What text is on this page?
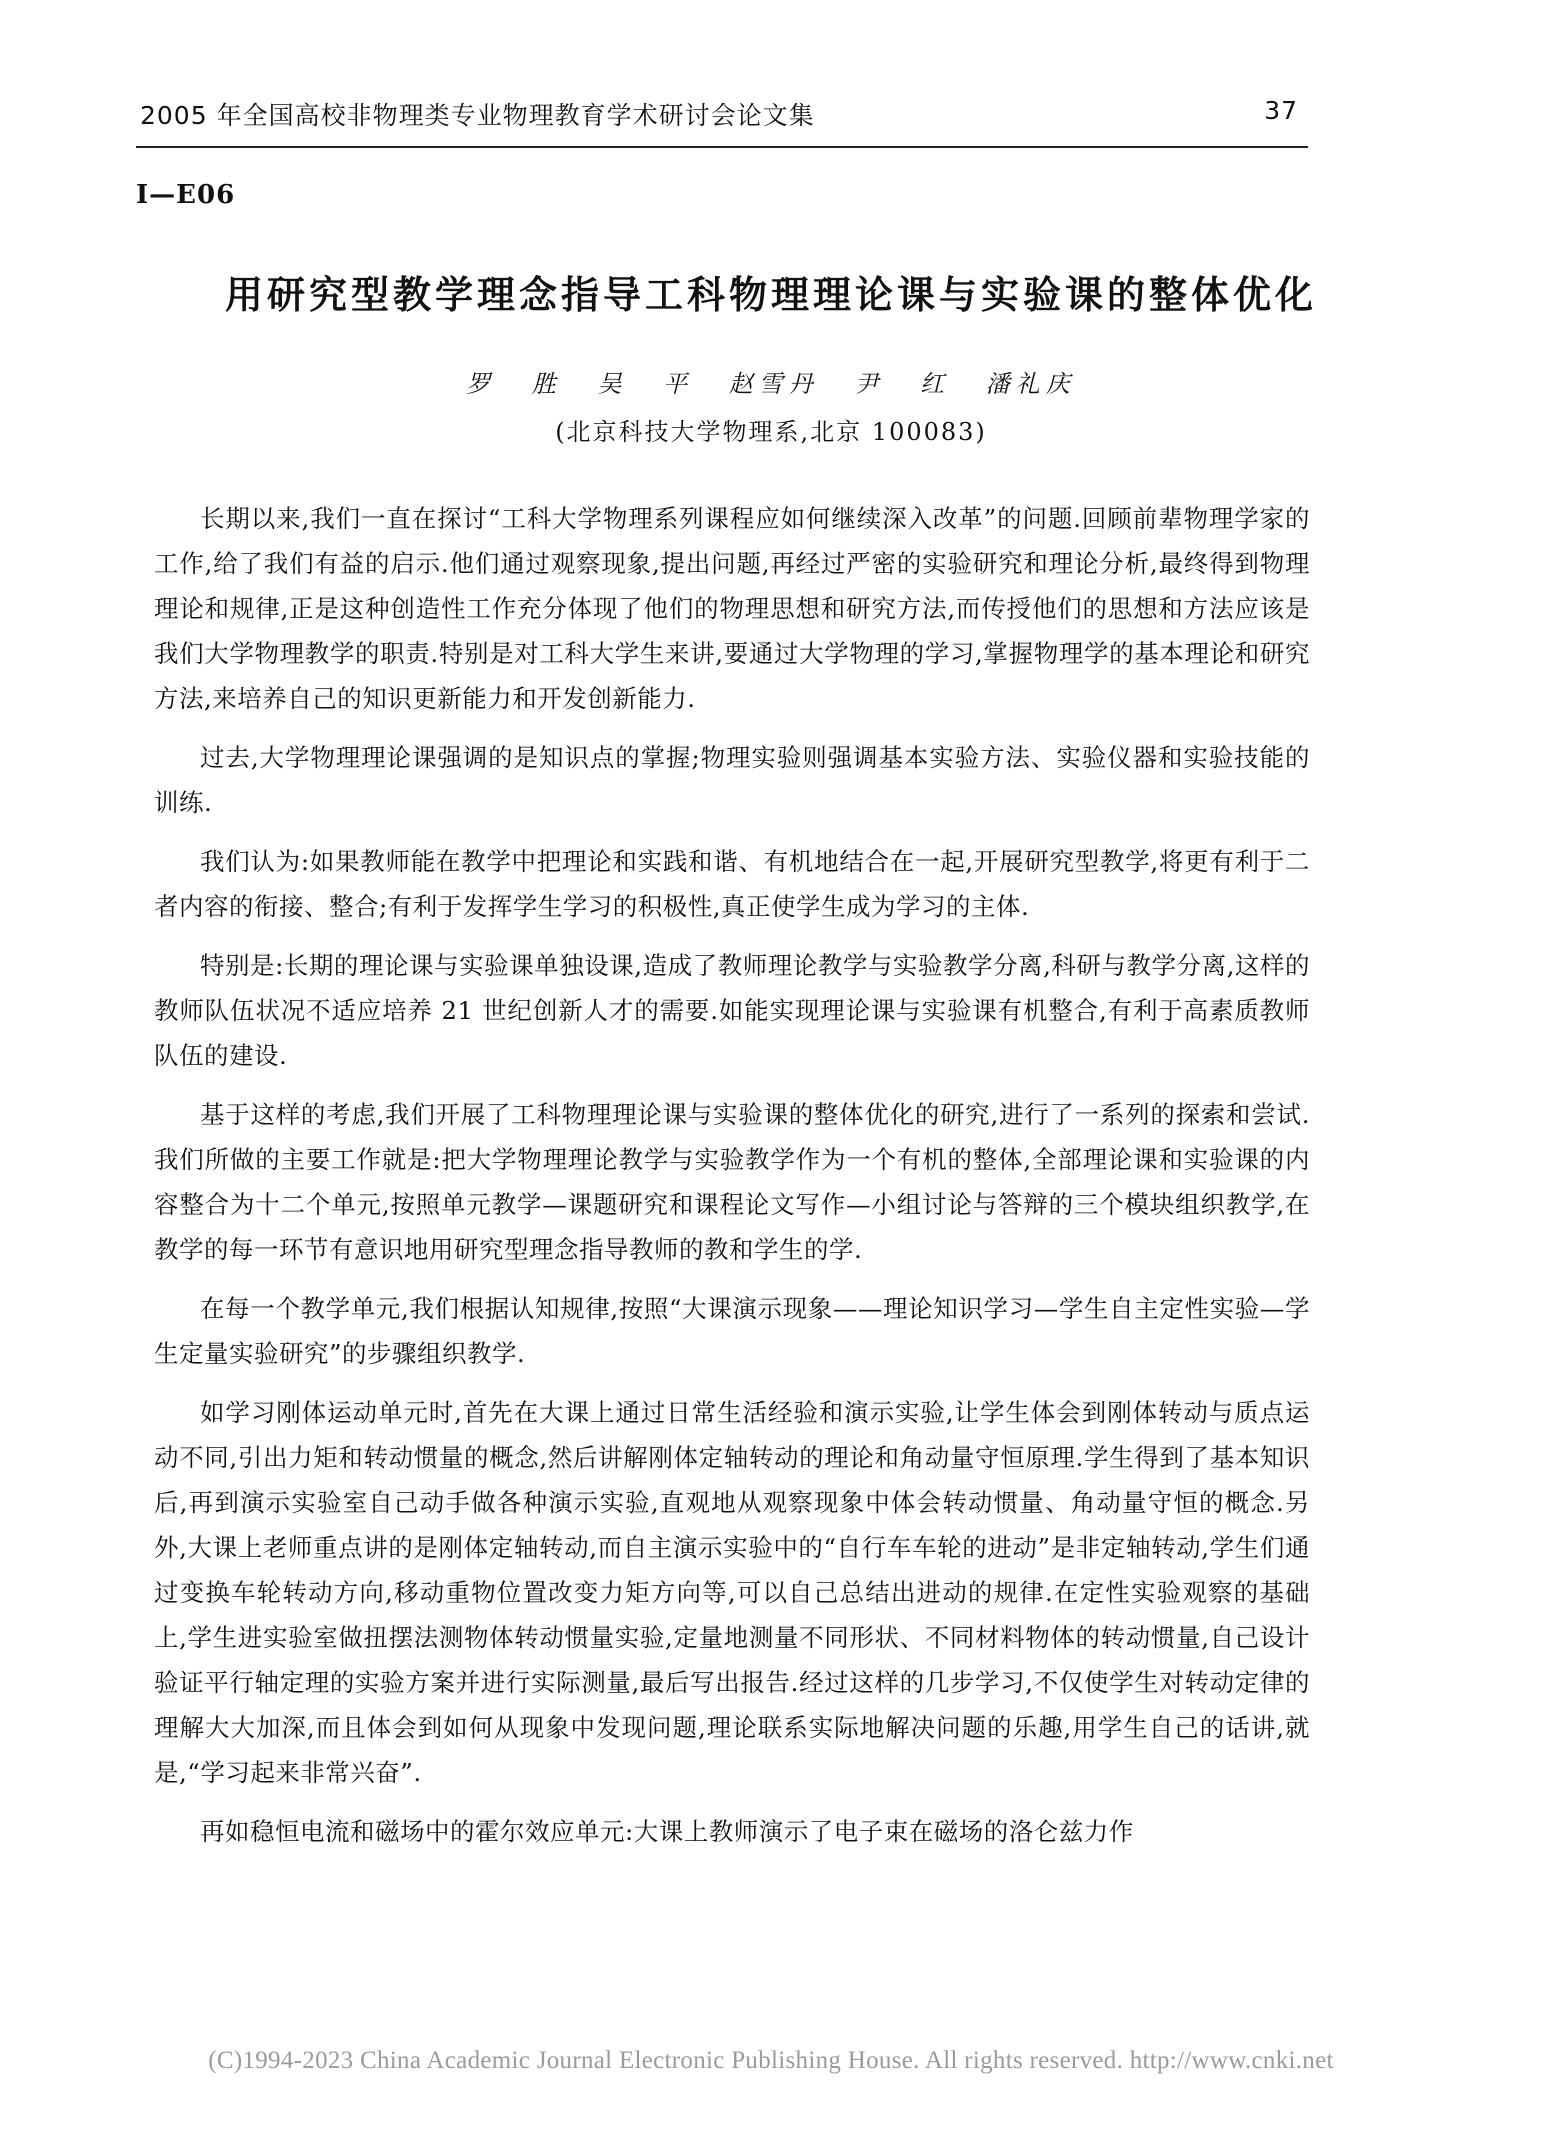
2005 年全国高校非物理类专业物理教育学术研讨会论文集	37
I—E06
用研究型教学理念指导工科物理理论课与实验课的整体优化
罗 胜 吴 平 赵雪丹 尹 红 潘礼庆
(北京科技大学物理系,北京 100083)

长期以来,我们一直在探讨“工科大学物理系列课程应如何继续深入改革”的问题.回顾前辈物理学家的工作,给了我们有益的启示.他们通过观察现象,提出问题,再经过严密的实验研究和理论分析,最终得到物理理论和规律,正是这种创造性工作充分体现了他们的物理思想和研究方法,而传授他们的思想和方法应该是我们大学物理教学的职责.特别是对工科大学生来讲,要通过大学物理的学习,掌握物理学的基本理论和研究方法,来培养自己的知识更新能力和开发创新能力.

过去,大学物理理论课强调的是知识点的掌握;物理实验则强调基本实验方法、实验仪器和实验技能的训练.

我们认为:如果教师能在教学中把理论和实践和谐、有机地结合在一起,开展研究型教学,将更有利于二者内容的衔接、整合;有利于发挥学生学习的积极性,真正使学生成为学习的主体.

特别是:长期的理论课与实验课单独设课,造成了教师理论教学与实验教学分离,科研与教学分离,这样的教师队伍状况不适应培养 21 世纪创新人才的需要.如能实现理论课与实验课有机整合,有利于高素质教师队伍的建设.

基于这样的考虑,我们开展了工科物理理论课与实验课的整体优化的研究,进行了一系列的探索和尝试.我们所做的主要工作就是:把大学物理理论教学与实验教学作为一个有机的整体,全部理论课和实验课的内容整合为十二个单元,按照单元教学—课题研究和课程论文写作—小组讨论与答辩的三个模块组织教学,在教学的每一环节有意识地用研究型理念指导教师的教和学生的学.

在每一个教学单元,我们根据认知规律,按照“大课演示现象——理论知识学习—学生自主定性实验—学生定量实验研究”的步骤组织教学.

如学习刚体运动单元时,首先在大课上通过日常生活经验和演示实验,让学生体会到刚体转动与质点运动不同,引出力矩和转动惯量的概念,然后讲解刚体定轴转动的理论和角动量守恒原理.学生得到了基本知识后,再到演示实验室自己动手做各种演示实验,直观地从观察现象中体会转动惯量、角动量守恒的概念.另外,大课上老师重点讲的是刚体定轴转动,而自主演示实验中的“自行车车轮的进动”是非定轴转动,学生们通过变换车轮转动方向,移动重物位置改变力矩方向等,可以自己总结出进动的规律.在定性实验观察的基础上,学生进实验室做扭摆法测物体转动惯量实验,定量地测量不同形状、不同材料物体的转动惯量,自己设计验证平行轴定理的实验方案并进行实际测量,最后写出报告.经过这样的几步学习,不仅使学生对转动定律的理解大大加深,而且体会到如何从现象中发现问题,理论联系实际地解决问题的乐趣,用学生自己的话讲,就是,“学习起来非常兴奋”.

再如稳恒电流和磁场中的霍尔效应单元:大课上教师演示了电子束在磁场的洛仑兹力作

(C)1994-2023 China Academic Journal Electronic Publishing House. All rights reserved. http://www.cnki.net
